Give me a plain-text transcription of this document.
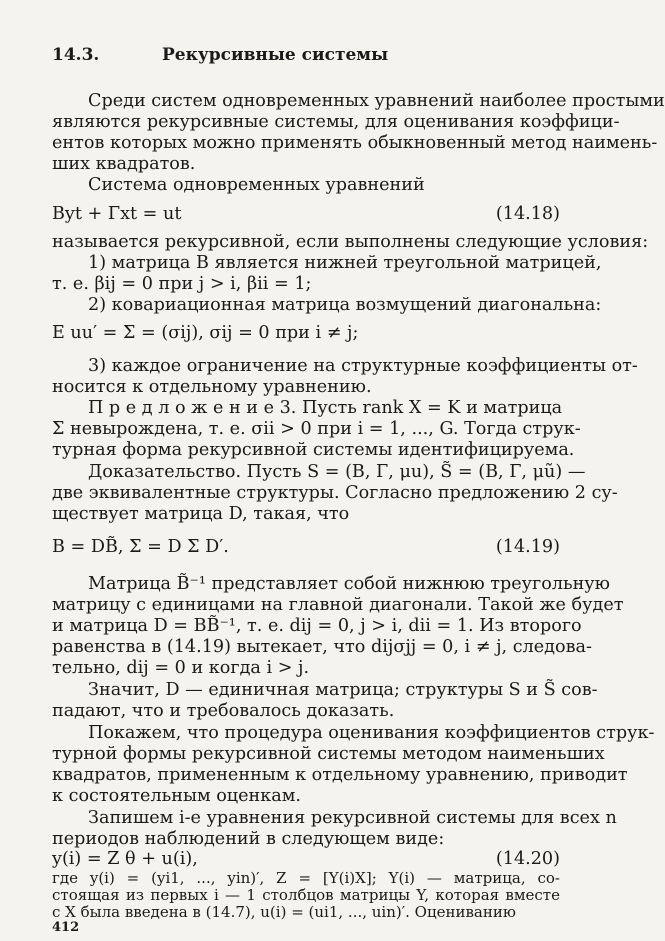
14.3.	Рекурсивные системы
Среди систем одновременных уравнений наиболее простыми
являются рекурсивные системы, для оценивания коэффици-
ентов которых можно применять обыкновенный метод наимень-
ших квадратов.
Система одновременных уравнений
Byt + Γxt = ut	(14.18)
называется рекурсивной, если выполнены следующие условия:
1) матрица B является нижней треугольной матрицей,
т. е. βij = 0 при j > i, βii = 1;
2) ковариационная матрица возмущений диагональна:
E uu′ = Σ = (σij), σij = 0 при i ≠ j;
3) каждое ограничение на структурные коэффициенты от-
носится к отдельному уравнению.
П р е д л о ж е н и е 3. Пусть rank X = K и матрица
Σ невырождена, т. е. σii > 0 при i = 1, ..., G. Тогда струк-
турная форма рекурсивной системы идентифицируема.
Доказательство. Пусть S = (B, Γ, μu), S̃ = (B, Γ, μũ) —
две эквивалентные структуры. Согласно предложению 2 су-
ществует матрица D, такая, что
B = DB̃, Σ = D Σ D′.	(14.19)
Матрица B̃⁻¹ представляет собой нижнюю треугольную
матрицу с единицами на главной диагонали. Такой же будет
и матрица D = BB̃⁻¹, т. е. dij = 0, j > i, dii = 1. Из второго
равенства в (14.19) вытекает, что dijσjj = 0, i ≠ j, следова-
тельно, dij = 0 и когда i > j.
Значит, D — единичная матрица; структуры S и S̃ сов-
падают, что и требовалось доказать.
Покажем, что процедура оценивания коэффициентов струк-
турной формы рекурсивной системы методом наименьших
квадратов, примененным к отдельному уравнению, приводит
к состоятельным оценкам.
Запишем i-е уравнения рекурсивной системы для всех n
периодов наблюдений в следующем виде:
y(i) = Z θ + u(i),	(14.20)
где y(i) = (yi1, ..., yin)′, Z = [Y(i)X]; Y(i) — матрица, со-
стоящая из первых i — 1 столбцов матрицы Y, которая вместе
с X была введена в (14.7), u(i) = (ui1, ..., uin)′. Оцениванию
412
